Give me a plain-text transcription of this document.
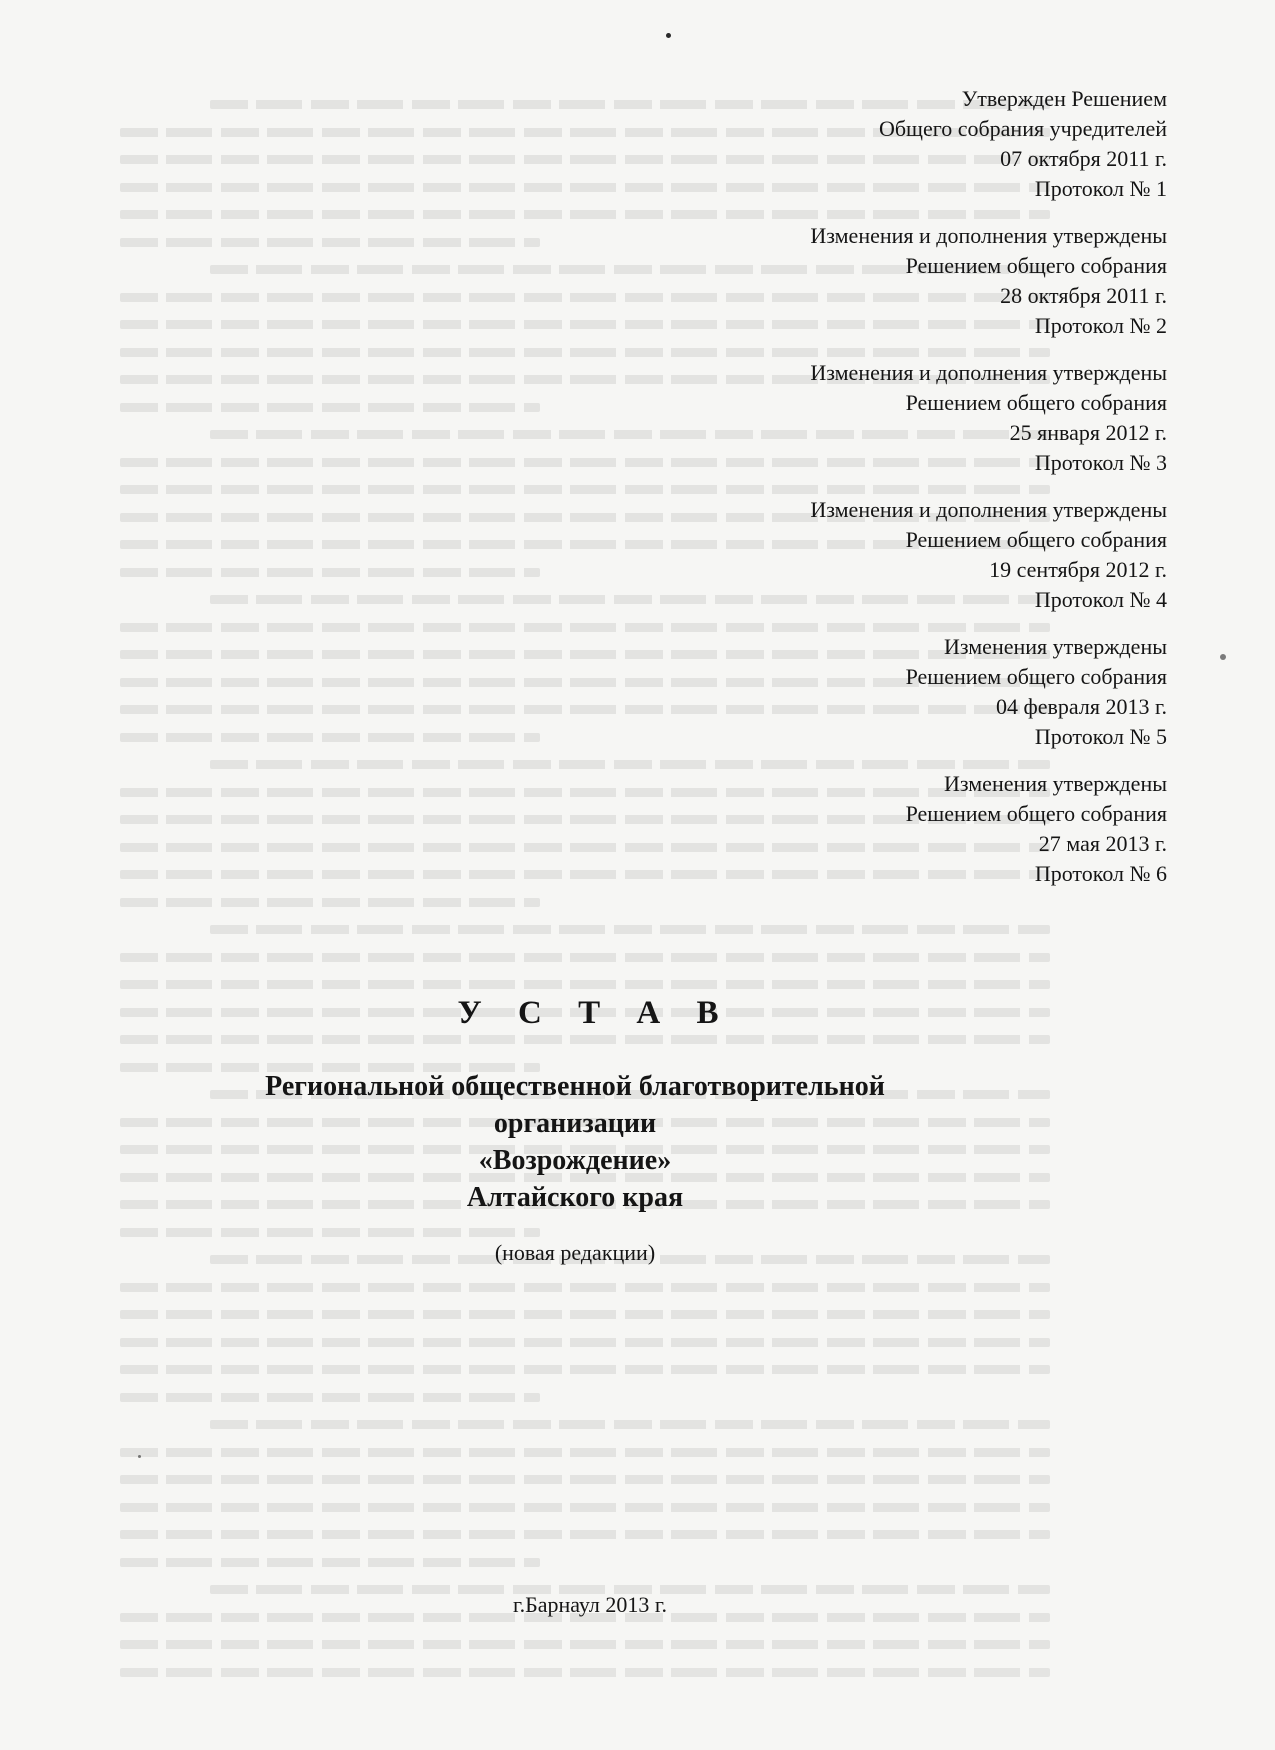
Утвержден Решением
Общего собрания учредителей
07 октября 2011 г.
Протокол № 1
Изменения и дополнения утверждены
Решением общего собрания
28 октября 2011 г.
Протокол № 2
Изменения и дополнения утверждены
Решением общего собрания
25 января 2012 г.
Протокол № 3
Изменения и дополнения утверждены
Решением общего собрания
19 сентября 2012 г.
Протокол № 4
Изменения утверждены
Решением общего собрания
04 февраля 2013 г.
Протокол № 5
Изменения утверждены
Решением общего собрания
27 мая 2013 г.
Протокол № 6
У С Т А В
Региональной общественной благотворительной
организации
«Возрождение»
Алтайского края
(новая редакции)
г.Барнаул 2013 г.
